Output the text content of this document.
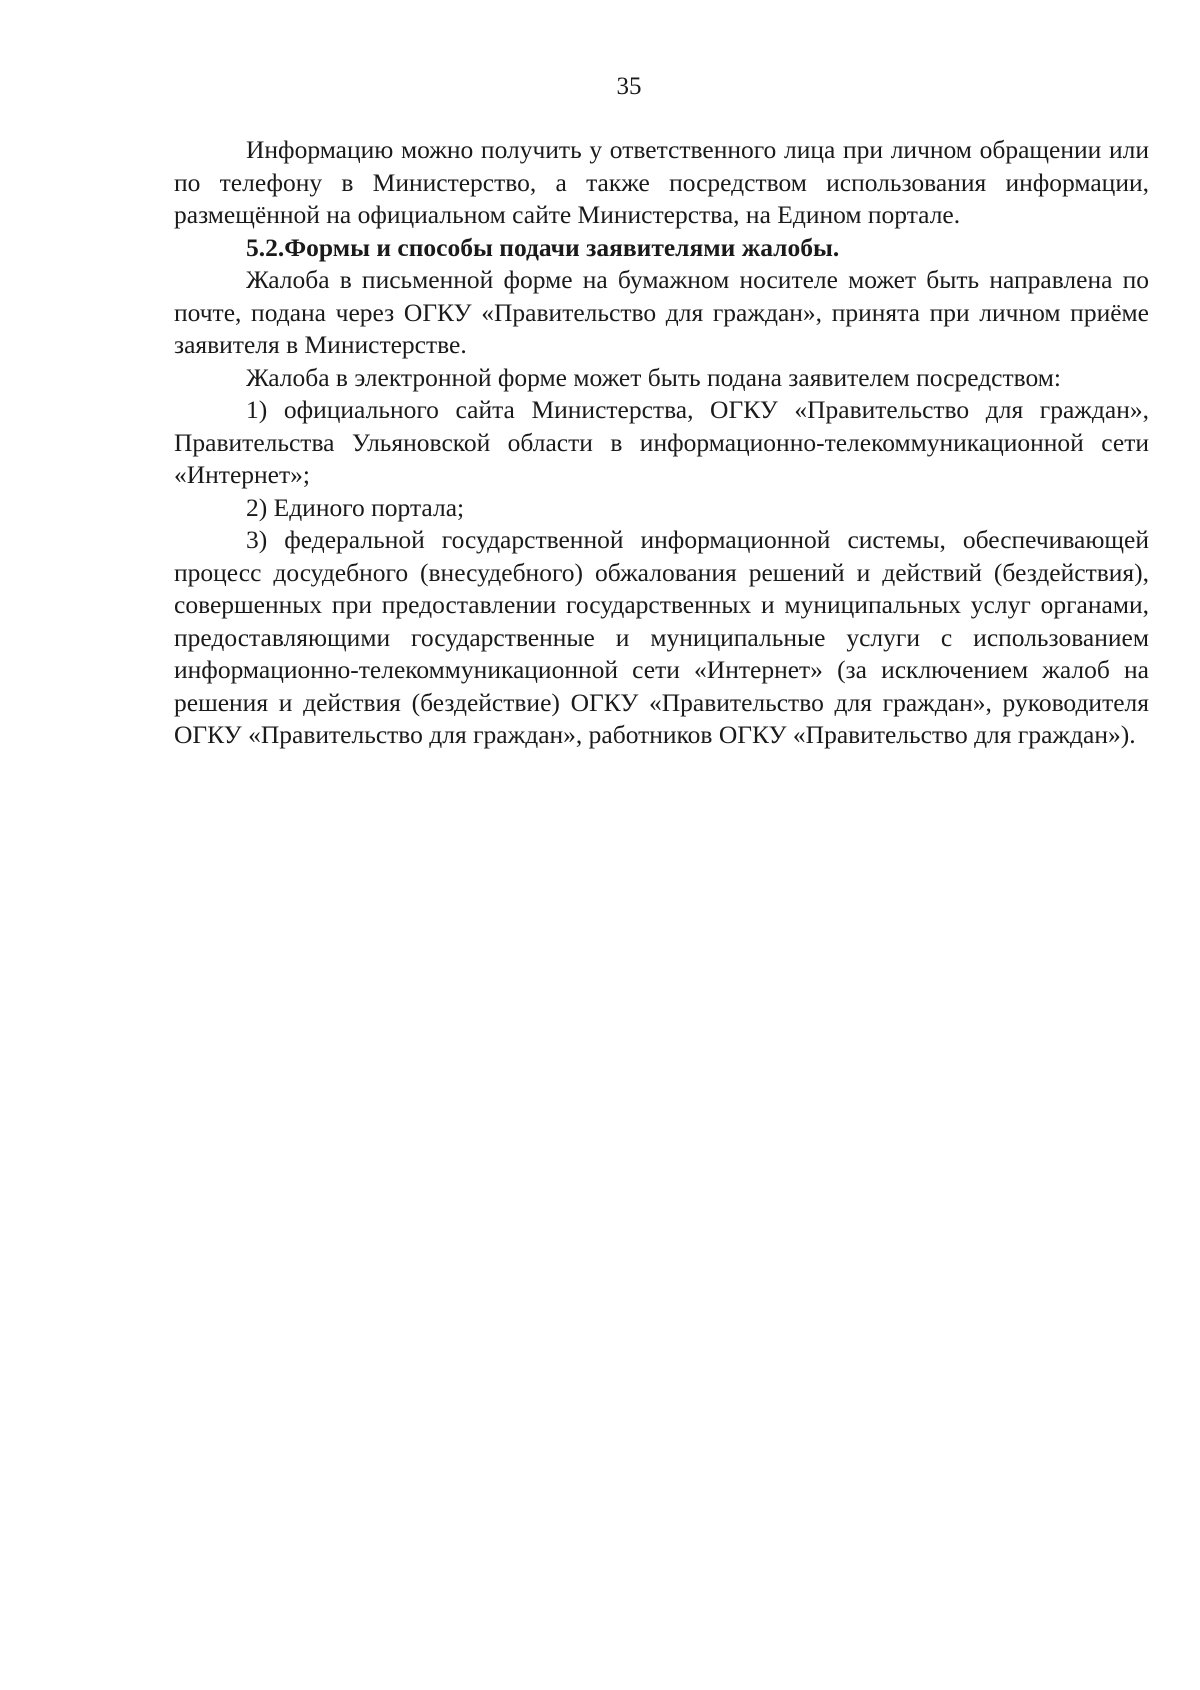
35

Информацию можно получить у ответственного лица при личном обращении или по телефону в Министерство, а также посредством использования информации, размещённой на официальном сайте Министерства, на Едином портале.

5.2.Формы и способы подачи заявителями жалобы.

Жалоба в письменной форме на бумажном носителе может быть направлена по почте, подана через ОГКУ «Правительство для граждан», принята при личном приёме заявителя в Министерстве.

Жалоба в электронной форме может быть подана заявителем посредством:

1) официального сайта Министерства, ОГКУ «Правительство для граждан», Правительства Ульяновской области в информационно-телекоммуникационной сети «Интернет»;

2) Единого портала;

3) федеральной государственной информационной системы, обеспечивающей процесс досудебного (внесудебного) обжалования решений и действий (бездействия), совершенных при предоставлении государственных и муниципальных услуг органами, предоставляющими государственные и муниципальные услуги с использованием информационно-телекоммуникационной сети «Интернет» (за исключением жалоб на решения и действия (бездействие) ОГКУ «Правительство для граждан», руководителя ОГКУ «Правительство для граждан», работников ОГКУ «Правительство для граждан»).
